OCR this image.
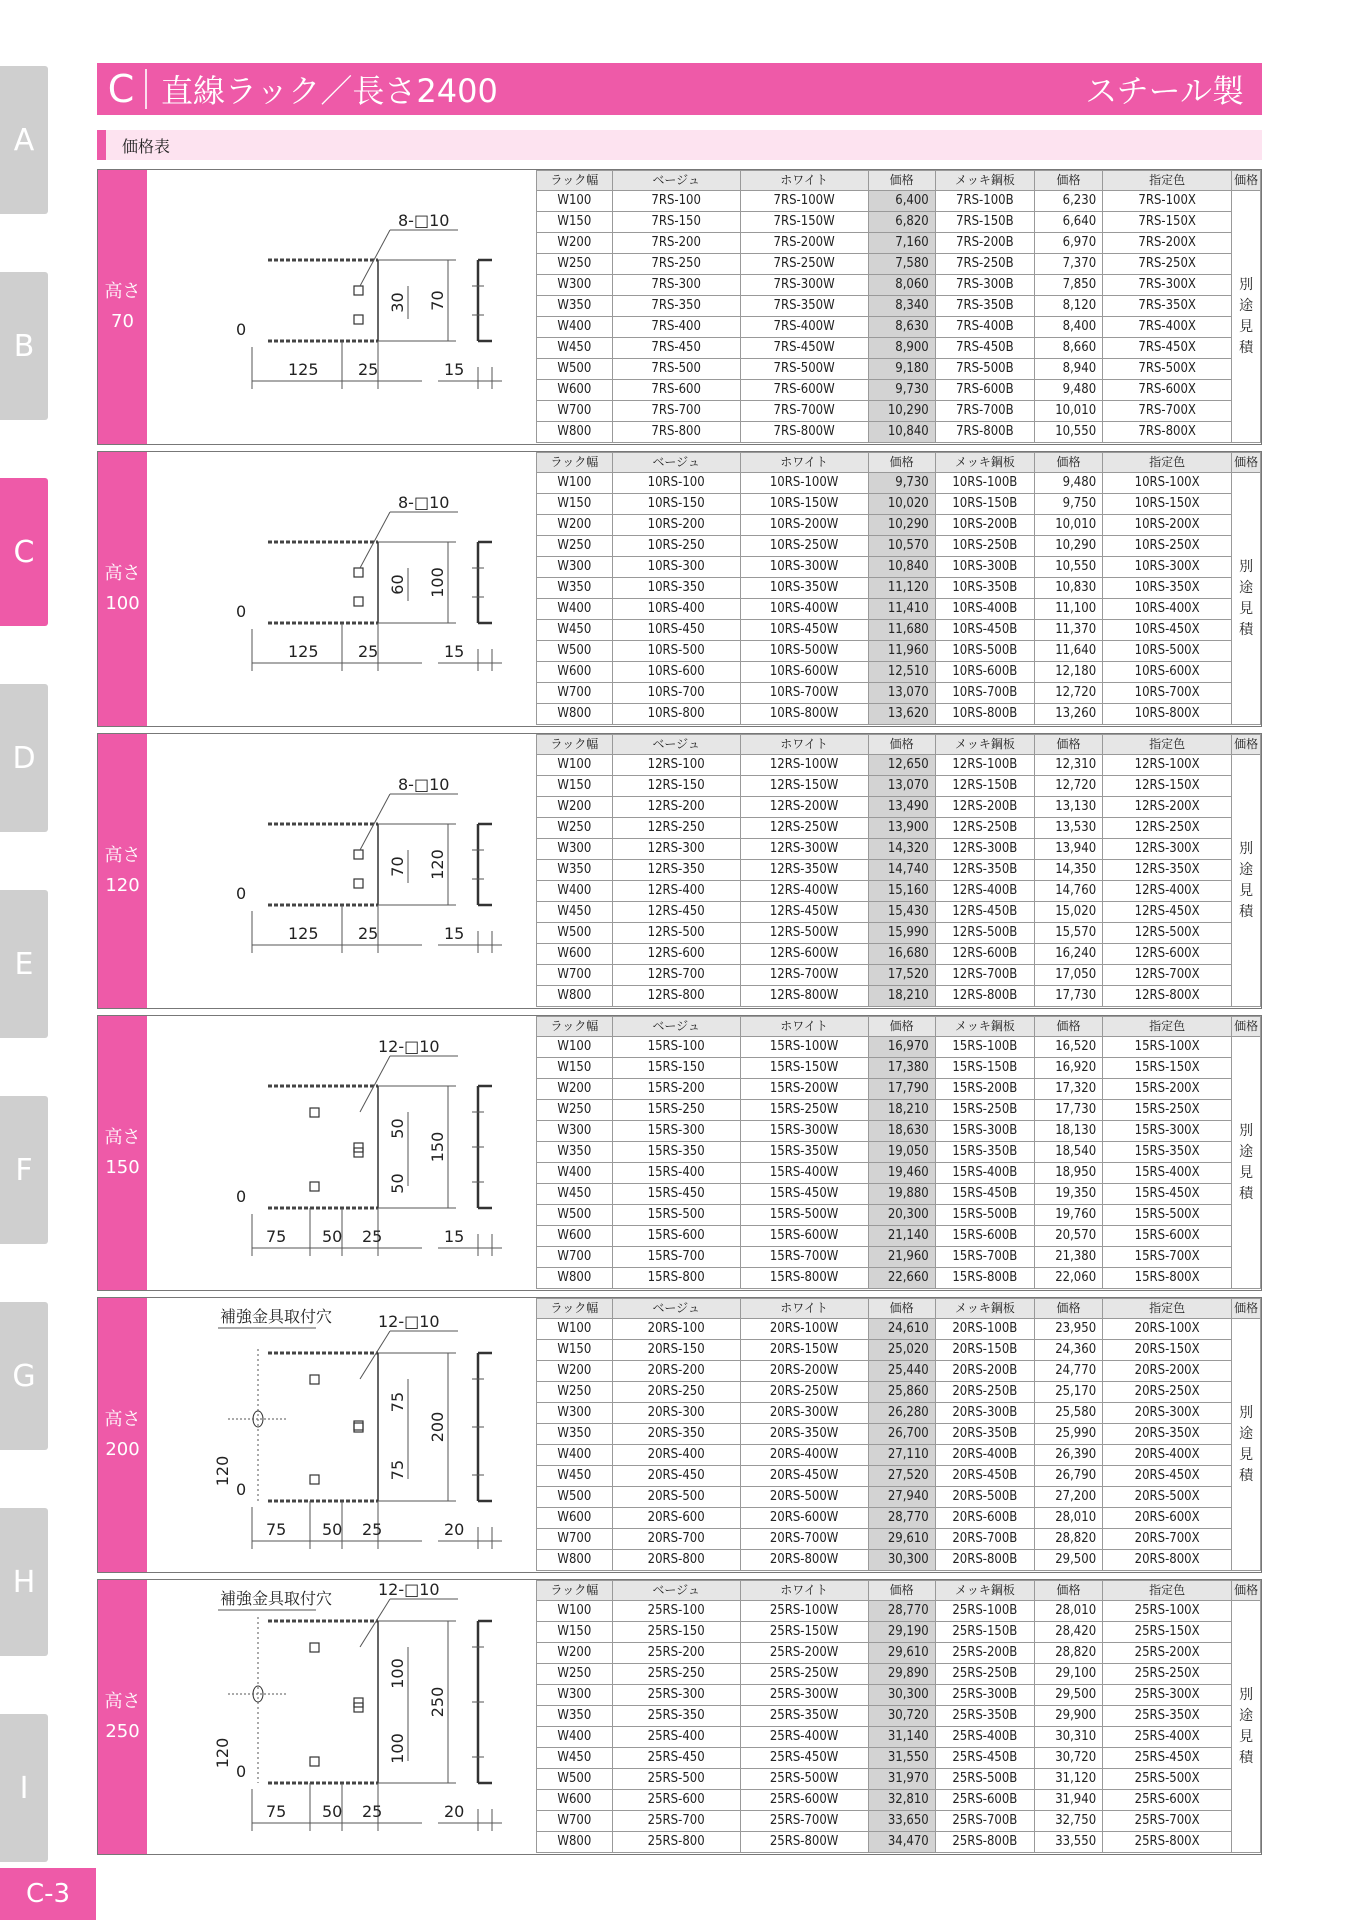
A
B
C
D
E
F
G
H
I
C-3
C 直線ラック／長さ2400	スチール製
価格表
高さ
70
8-□10
0
70
30
125 25	15
ラック幅	ベージュ	ホワイト	価格	メッキ鋼板	価格	指定色	価格
W100	7RS-100	7RS-100W	6,400	7RS-100B	6,230	7RS-100X	別途見積
W150	7RS-150	7RS-150W	6,820	7RS-150B	6,640	7RS-150X	
W200	7RS-200	7RS-200W	7,160	7RS-200B	6,970	7RS-200X	
W250	7RS-250	7RS-250W	7,580	7RS-250B	7,370	7RS-250X	
W300	7RS-300	7RS-300W	8,060	7RS-300B	7,850	7RS-300X	
W350	7RS-350	7RS-350W	8,340	7RS-350B	8,120	7RS-350X	
W400	7RS-400	7RS-400W	8,630	7RS-400B	8,400	7RS-400X	
W450	7RS-450	7RS-450W	8,900	7RS-450B	8,660	7RS-450X	
W500	7RS-500	7RS-500W	9,180	7RS-500B	8,940	7RS-500X	
W600	7RS-600	7RS-600W	9,730	7RS-600B	9,480	7RS-600X	
W700	7RS-700	7RS-700W	10,290	7RS-700B	10,010	7RS-700X	
W800	7RS-800	7RS-800W	10,840	7RS-800B	10,550	7RS-800X	
高さ
100
8-□10
0
100
60
125 25	15
ラック幅	ベージュ	ホワイト	価格	メッキ鋼板	価格	指定色	価格
W100	10RS-100	10RS-100W	9,730	10RS-100B	9,480	10RS-100X	別途見積
W150	10RS-150	10RS-150W	10,020	10RS-150B	9,750	10RS-150X	
W200	10RS-200	10RS-200W	10,290	10RS-200B	10,010	10RS-200X	
W250	10RS-250	10RS-250W	10,570	10RS-250B	10,290	10RS-250X	
W300	10RS-300	10RS-300W	10,840	10RS-300B	10,550	10RS-300X	
W350	10RS-350	10RS-350W	11,120	10RS-350B	10,830	10RS-350X	
W400	10RS-400	10RS-400W	11,410	10RS-400B	11,100	10RS-400X	
W450	10RS-450	10RS-450W	11,680	10RS-450B	11,370	10RS-450X	
W500	10RS-500	10RS-500W	11,960	10RS-500B	11,640	10RS-500X	
W600	10RS-600	10RS-600W	12,510	10RS-600B	12,180	10RS-600X	
W700	10RS-700	10RS-700W	13,070	10RS-700B	12,720	10RS-700X	
W800	10RS-800	10RS-800W	13,620	10RS-800B	13,260	10RS-800X	
高さ
120
8-□10
0
120
70
125 25	15
ラック幅	ベージュ	ホワイト	価格	メッキ鋼板	価格	指定色	価格
W100	12RS-100	12RS-100W	12,650	12RS-100B	12,310	12RS-100X	別途見積
W150	12RS-150	12RS-150W	13,070	12RS-150B	12,720	12RS-150X	
W200	12RS-200	12RS-200W	13,490	12RS-200B	13,130	12RS-200X	
W250	12RS-250	12RS-250W	13,900	12RS-250B	13,530	12RS-250X	
W300	12RS-300	12RS-300W	14,320	12RS-300B	13,940	12RS-300X	
W350	12RS-350	12RS-350W	14,740	12RS-350B	14,350	12RS-350X	
W400	12RS-400	12RS-400W	15,160	12RS-400B	14,760	12RS-400X	
W450	12RS-450	12RS-450W	15,430	12RS-450B	15,020	12RS-450X	
W500	12RS-500	12RS-500W	15,990	12RS-500B	15,570	12RS-500X	
W600	12RS-600	12RS-600W	16,680	12RS-600B	16,240	12RS-600X	
W700	12RS-700	12RS-700W	17,520	12RS-700B	17,050	12RS-700X	
W800	12RS-800	12RS-800W	18,210	12RS-800B	17,730	12RS-800X	
高さ
150
12-□10
0
150
50
50
75 50 25	15
ラック幅	ベージュ	ホワイト	価格	メッキ鋼板	価格	指定色	価格
W100	15RS-100	15RS-100W	16,970	15RS-100B	16,520	15RS-100X	別途見積
W150	15RS-150	15RS-150W	17,380	15RS-150B	16,920	15RS-150X	
W200	15RS-200	15RS-200W	17,790	15RS-200B	17,320	15RS-200X	
W250	15RS-250	15RS-250W	18,210	15RS-250B	17,730	15RS-250X	
W300	15RS-300	15RS-300W	18,630	15RS-300B	18,130	15RS-300X	
W350	15RS-350	15RS-350W	19,050	15RS-350B	18,540	15RS-350X	
W400	15RS-400	15RS-400W	19,460	15RS-400B	18,950	15RS-400X	
W450	15RS-450	15RS-450W	19,880	15RS-450B	19,350	15RS-450X	
W500	15RS-500	15RS-500W	20,300	15RS-500B	19,760	15RS-500X	
W600	15RS-600	15RS-600W	21,140	15RS-600B	20,570	15RS-600X	
W700	15RS-700	15RS-700W	21,960	15RS-700B	21,380	15RS-700X	
W800	15RS-800	15RS-800W	22,660	15RS-800B	22,060	15RS-800X	
高さ
200
12-□10
補強金具取付穴
120
0
200
75
75
75 50 25	20
ラック幅	ベージュ	ホワイト	価格	メッキ鋼板	価格	指定色	価格
W100	20RS-100	20RS-100W	24,610	20RS-100B	23,950	20RS-100X	別途見積
W150	20RS-150	20RS-150W	25,020	20RS-150B	24,360	20RS-150X	
W200	20RS-200	20RS-200W	25,440	20RS-200B	24,770	20RS-200X	
W250	20RS-250	20RS-250W	25,860	20RS-250B	25,170	20RS-250X	
W300	20RS-300	20RS-300W	26,280	20RS-300B	25,580	20RS-300X	
W350	20RS-350	20RS-350W	26,700	20RS-350B	25,990	20RS-350X	
W400	20RS-400	20RS-400W	27,110	20RS-400B	26,390	20RS-400X	
W450	20RS-450	20RS-450W	27,520	20RS-450B	26,790	20RS-450X	
W500	20RS-500	20RS-500W	27,940	20RS-500B	27,200	20RS-500X	
W600	20RS-600	20RS-600W	28,770	20RS-600B	28,010	20RS-600X	
W700	20RS-700	20RS-700W	29,610	20RS-700B	28,820	20RS-700X	
W800	20RS-800	20RS-800W	30,300	20RS-800B	29,500	20RS-800X	
高さ
250
12-□10
補強金具取付穴
120
0
250
100
100
75 50 25	20
ラック幅	ベージュ	ホワイト	価格	メッキ鋼板	価格	指定色	価格
W100	25RS-100	25RS-100W	28,770	25RS-100B	28,010	25RS-100X	別途見積
W150	25RS-150	25RS-150W	29,190	25RS-150B	28,420	25RS-150X	
W200	25RS-200	25RS-200W	29,610	25RS-200B	28,820	25RS-200X	
W250	25RS-250	25RS-250W	29,890	25RS-250B	29,100	25RS-250X	
W300	25RS-300	25RS-300W	30,300	25RS-300B	29,500	25RS-300X	
W350	25RS-350	25RS-350W	30,720	25RS-350B	29,900	25RS-350X	
W400	25RS-400	25RS-400W	31,140	25RS-400B	30,310	25RS-400X	
W450	25RS-450	25RS-450W	31,550	25RS-450B	30,720	25RS-450X	
W500	25RS-500	25RS-500W	31,970	25RS-500B	31,120	25RS-500X	
W600	25RS-600	25RS-600W	32,810	25RS-600B	31,940	25RS-600X	
W700	25RS-700	25RS-700W	33,650	25RS-700B	32,750	25RS-700X	
W800	25RS-800	25RS-800W	34,470	25RS-800B	33,550	25RS-800X	
